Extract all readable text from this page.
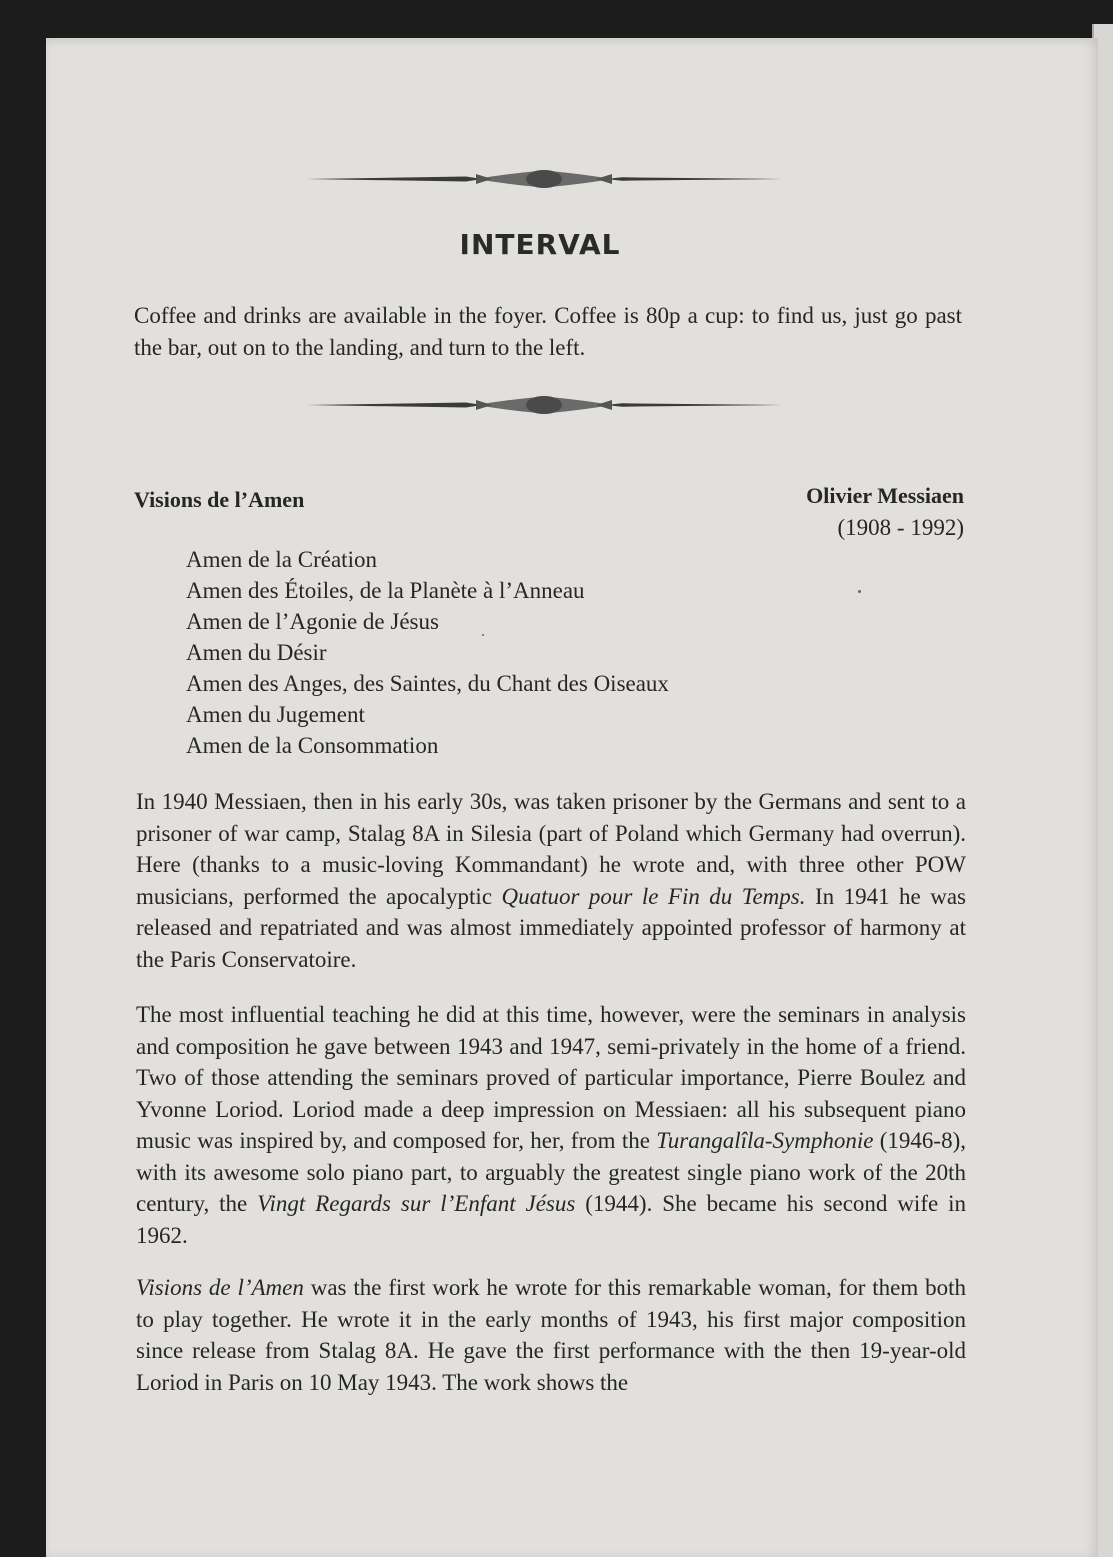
INTERVAL

Coffee and drinks are available in the foyer. Coffee is 80p a cup: to find us, just go past the bar, out on to the landing, and turn to the left.

Visions de l’Amen	Olivier Messiaen
(1908 - 1992)
Amen de la Création
Amen des Étoiles, de la Planète à l’Anneau
Amen de l’Agonie de Jésus
Amen du Désir
Amen des Anges, des Saintes, du Chant des Oiseaux
Amen du Jugement
Amen de la Consommation

In 1940 Messiaen, then in his early 30s, was taken prisoner by the Germans and sent to a prisoner of war camp, Stalag 8A in Silesia (part of Poland which Germany had overrun). Here (thanks to a music-loving Kommandant) he wrote and, with three other POW musicians, performed the apocalyptic Quatuor pour le Fin du Temps. In 1941 he was released and repatriated and was almost immediately appointed professor of harmony at the Paris Conservatoire.

The most influential teaching he did at this time, however, were the seminars in analysis and composition he gave between 1943 and 1947, semi-privately in the home of a friend. Two of those attending the seminars proved of particular importance, Pierre Boulez and Yvonne Loriod. Loriod made a deep impression on Messiaen: all his subsequent piano music was inspired by, and composed for, her, from the Turangalîla-Symphonie (1946-8), with its awesome solo piano part, to arguably the greatest single piano work of the 20th century, the Vingt Regards sur l’Enfant Jésus (1944). She became his second wife in 1962.

Visions de l’Amen was the first work he wrote for this remarkable woman, for them both to play together. He wrote it in the early months of 1943, his first major composition since release from Stalag 8A. He gave the first performance with the then 19-year-old Loriod in Paris on 10 May 1943. The work shows the
